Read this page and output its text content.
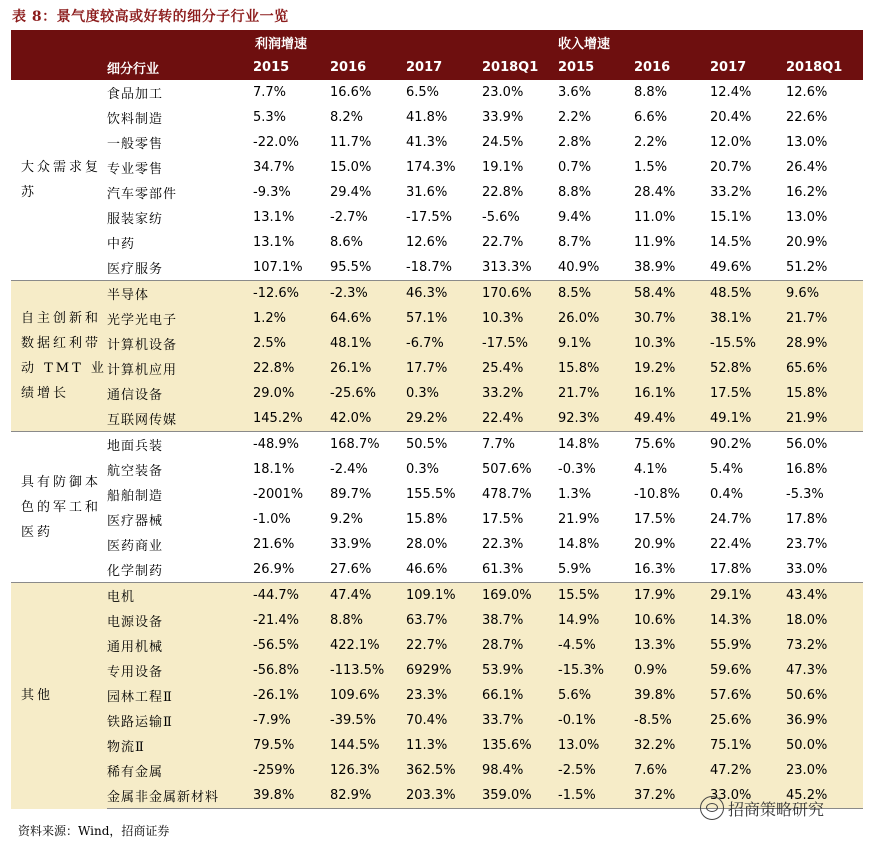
表 8：景气度较高或好转的细分子行业一览
		利润增速				收入增速			
	细分行业	2015	2016	2017	2018Q1	2015	2016	2017	2018Q1
大众需求复苏	食品加工	7.7%	16.6%	6.5%	23.0%	3.6%	8.8%	12.4%	12.6%
	饮料制造	5.3%	8.2%	41.8%	33.9%	2.2%	6.6%	20.4%	22.6%
	一般零售	-22.0%	11.7%	41.3%	24.5%	2.8%	2.2%	12.0%	13.0%
	专业零售	34.7%	15.0%	174.3%	19.1%	0.7%	1.5%	20.7%	26.4%
	汽车零部件	-9.3%	29.4%	31.6%	22.8%	8.8%	28.4%	33.2%	16.2%
	服装家纺	13.1%	-2.7%	-17.5%	-5.6%	9.4%	11.0%	15.1%	13.0%
	中药	13.1%	8.6%	12.6%	22.7%	8.7%	11.9%	14.5%	20.9%
	医疗服务	107.1%	95.5%	-18.7%	313.3%	40.9%	38.9%	49.6%	51.2%
自主创新和数据红利带动 TMT 业绩增长	半导体	-12.6%	-2.3%	46.3%	170.6%	8.5%	58.4%	48.5%	9.6%
	光学光电子	1.2%	64.6%	57.1%	10.3%	26.0%	30.7%	38.1%	21.7%
	计算机设备	2.5%	48.1%	-6.7%	-17.5%	9.1%	10.3%	-15.5%	28.9%
	计算机应用	22.8%	26.1%	17.7%	25.4%	15.8%	19.2%	52.8%	65.6%
	通信设备	29.0%	-25.6%	0.3%	33.2%	21.7%	16.1%	17.5%	15.8%
	互联网传媒	145.2%	42.0%	29.2%	22.4%	92.3%	49.4%	49.1%	21.9%
具有防御本色的军工和医药	地面兵装	-48.9%	168.7%	50.5%	7.7%	14.8%	75.6%	90.2%	56.0%
	航空装备	18.1%	-2.4%	0.3%	507.6%	-0.3%	4.1%	5.4%	16.8%
	船舶制造	-2001%	89.7%	155.5%	478.7%	1.3%	-10.8%	0.4%	-5.3%
	医疗器械	-1.0%	9.2%	15.8%	17.5%	21.9%	17.5%	24.7%	17.8%
	医药商业	21.6%	33.9%	28.0%	22.3%	14.8%	20.9%	22.4%	23.7%
	化学制药	26.9%	27.6%	46.6%	61.3%	5.9%	16.3%	17.8%	33.0%
其他	电机	-44.7%	47.4%	109.1%	169.0%	15.5%	17.9%	29.1%	43.4%
	电源设备	-21.4%	8.8%	63.7%	38.7%	14.9%	10.6%	14.3%	18.0%
	通用机械	-56.5%	422.1%	22.7%	28.7%	-4.5%	13.3%	55.9%	73.2%
	专用设备	-56.8%	-113.5%	6929%	53.9%	-15.3%	0.9%	59.6%	47.3%
	园林工程Ⅱ	-26.1%	109.6%	23.3%	66.1%	5.6%	39.8%	57.6%	50.6%
	铁路运输Ⅱ	-7.9%	-39.5%	70.4%	33.7%	-0.1%	-8.5%	25.6%	36.9%
	物流Ⅱ	79.5%	144.5%	11.3%	135.6%	13.0%	32.2%	75.1%	50.0%
	稀有金属	-259%	126.3%	362.5%	98.4%	-2.5%	7.6%	47.2%	23.0%
	金属非金属新材料	39.8%	82.9%	203.3%	359.0%	-1.5%	37.2%	33.0%	45.2%
资料来源：Wind，招商证券
招商策略研究
